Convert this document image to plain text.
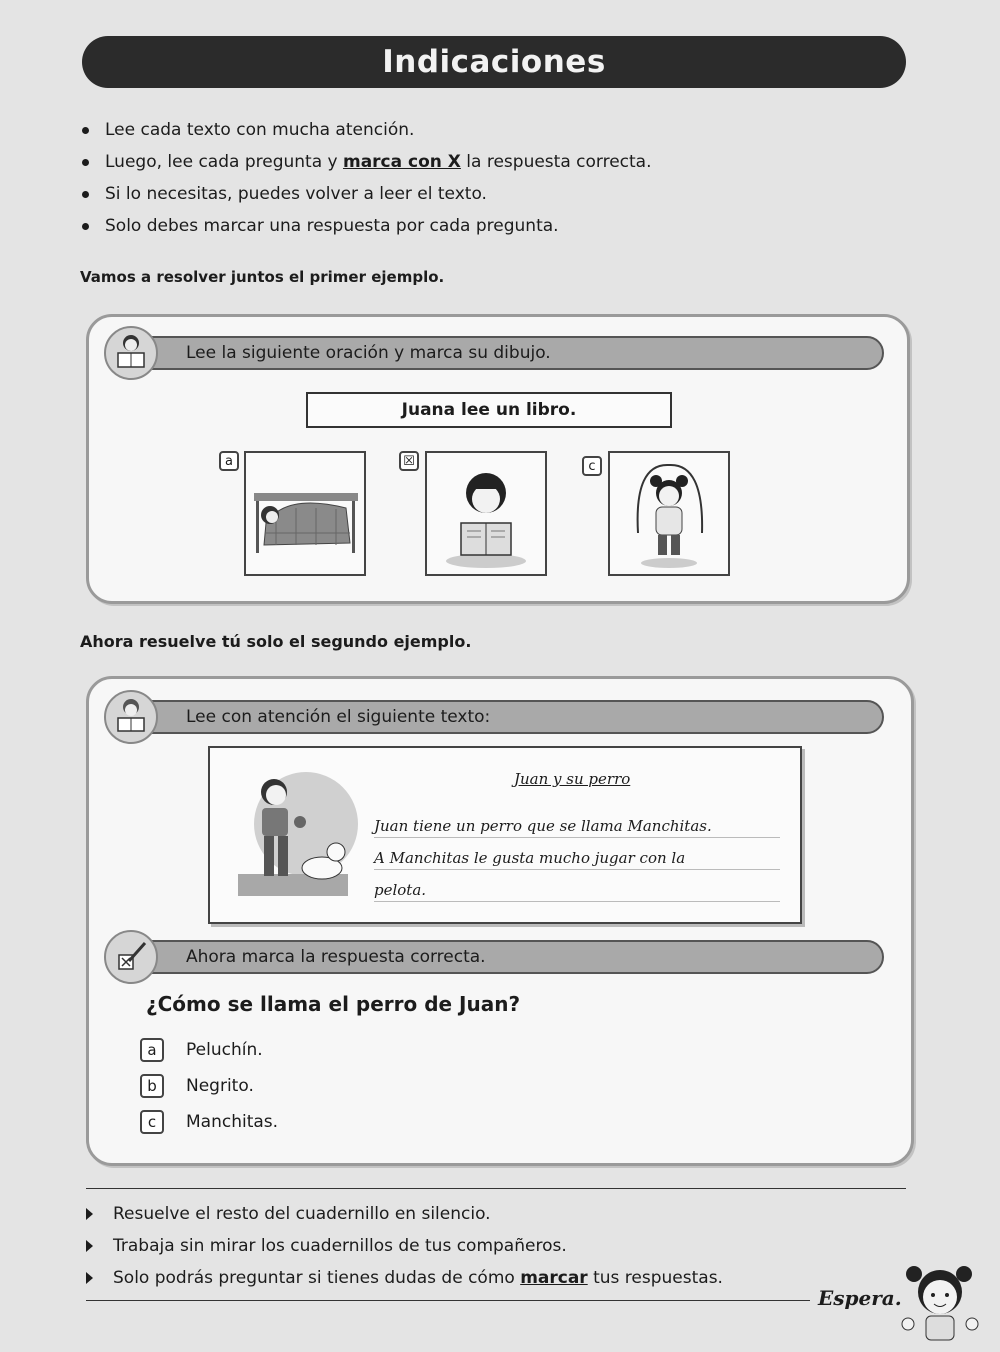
Indicaciones
Lee cada texto con mucha atención.
Luego, lee cada pregunta y marca con X la respuesta correcta.
Si lo necesitas, puedes volver a leer el texto.
Solo debes marcar una respuesta por cada pregunta.
Vamos a resolver juntos el primer ejemplo.
Lee la siguiente oración y marca su dibujo.
Juana lee un libro.
a	☒	c
Ahora resuelve tú solo el segundo ejemplo.
Lee con atención el siguiente texto:
Juan y su perro
Juan tiene un perro que se llama Manchitas.
A Manchitas le gusta mucho jugar con la
pelota.
Ahora marca la respuesta correcta.
¿Cómo se llama el perro de Juan?
a	Peluchín.
b	Negrito.
c	Manchitas.
Resuelve el resto del cuadernillo en silencio.
Trabaja sin mirar los cuadernillos de tus compañeros.
Solo podrás preguntar si tienes dudas de cómo marcar tus respuestas.
Espera.
